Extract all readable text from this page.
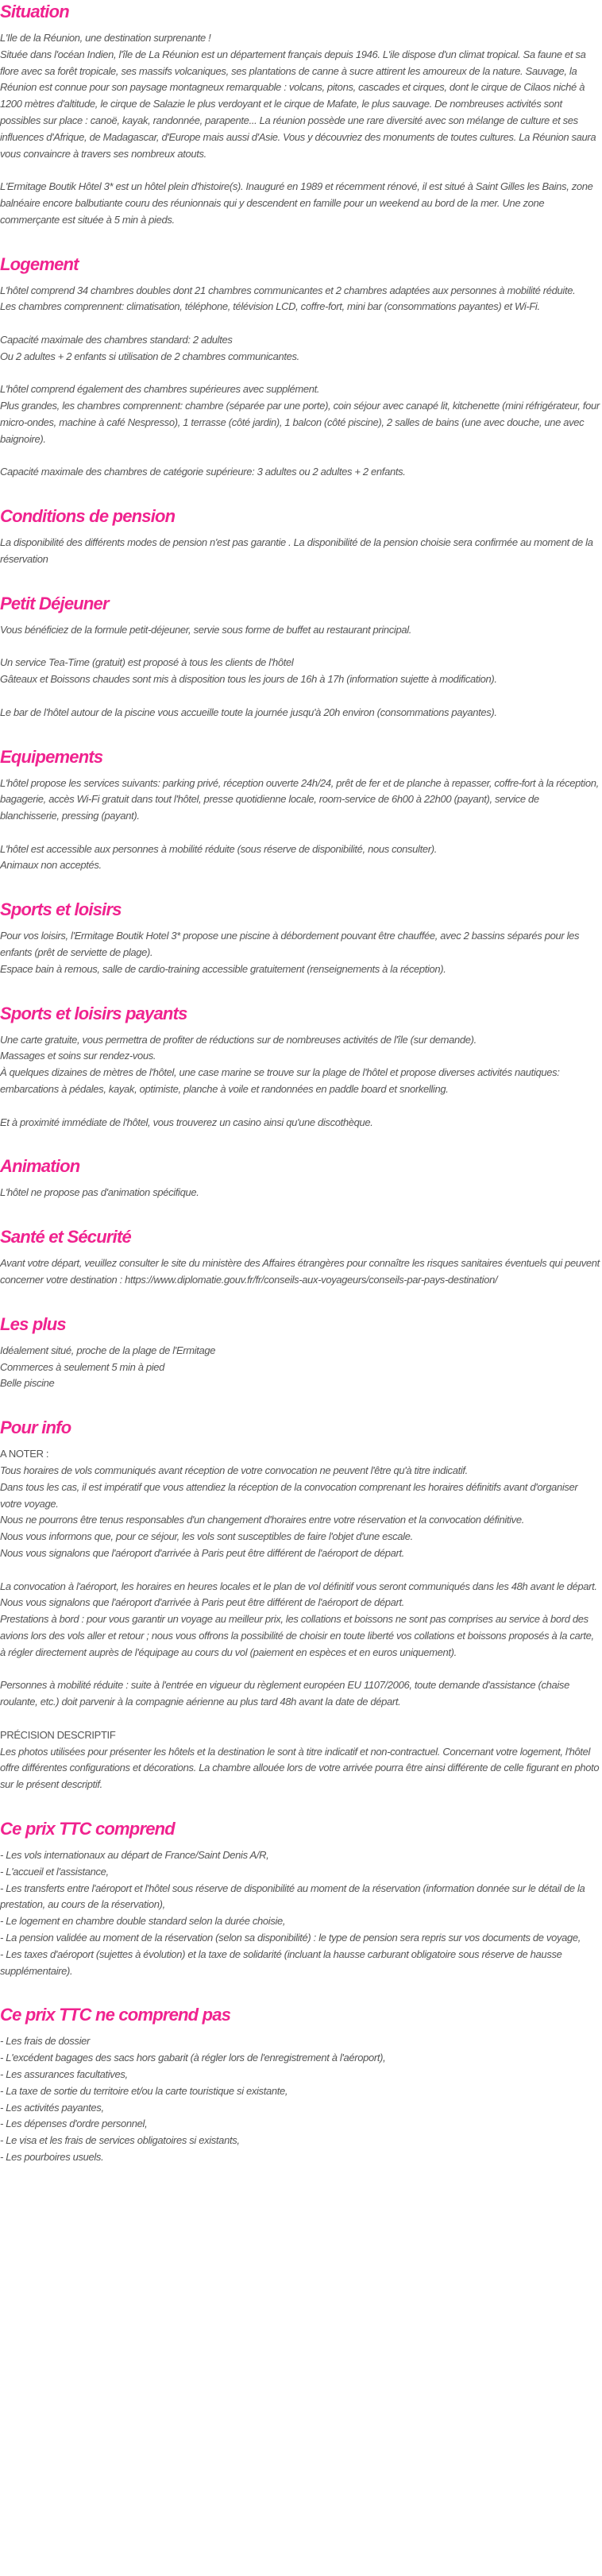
Situation
L'Ile de la Réunion, une destination surprenante !
Située dans l'océan Indien, l'île de La Réunion est un département français depuis 1946. L'ile dispose d'un climat tropical. Sa faune et sa flore avec sa forêt tropicale, ses massifs volcaniques, ses plantations de canne à sucre attirent les amoureux de la nature. Sauvage, la Réunion est connue pour son paysage montagneux remarquable : volcans, pitons, cascades et cirques, dont le cirque de Cilaos niché à 1200 mètres d'altitude, le cirque de Salazie le plus verdoyant et le cirque de Mafate, le plus sauvage. De nombreuses activités sont possibles sur place : canoë, kayak, randonnée, parapente... La réunion possède une rare diversité avec son mélange de culture et ses influences d'Afrique, de Madagascar, d'Europe mais aussi d'Asie. Vous y découvriez des monuments de toutes cultures. La Réunion saura vous convaincre à travers ses nombreux atouts.
L'Ermitage Boutik Hôtel 3* est un hôtel plein d'histoire(s). Inauguré en 1989 et récemment rénové, il est situé à Saint Gilles les Bains, zone balnéaire encore balbutiante couru des réunionnais qui y descendent en famille pour un weekend au bord de la mer. Une zone commerçante est située à 5 min à pieds.
Logement
L'hôtel comprend 34 chambres doubles dont 21 chambres communicantes et 2 chambres adaptées aux personnes à mobilité réduite.
Les chambres comprennent: climatisation, téléphone, télévision LCD, coffre-fort, mini bar (consommations payantes) et Wi-Fi.
Capacité maximale des chambres standard: 2 adultes
Ou 2 adultes + 2 enfants si utilisation de 2 chambres communicantes.
L'hôtel comprend également des chambres supérieures avec supplément.
Plus grandes, les chambres comprennent: chambre (séparée par une porte), coin séjour avec canapé lit, kitchenette (mini réfrigérateur, four micro-ondes, machine à café Nespresso), 1 terrasse (côté jardin), 1 balcon (côté piscine), 2 salles de bains (une avec douche, une avec baignoire).
Capacité maximale des chambres de catégorie supérieure: 3 adultes ou 2 adultes + 2 enfants.
Conditions de pension
La disponibilité des différents modes de pension n'est pas garantie . La disponibilité de la pension choisie sera confirmée au moment de la réservation
Petit Déjeuner
Vous bénéficiez de la formule petit-déjeuner, servie sous forme de buffet au restaurant principal.
Un service Tea-Time (gratuit) est proposé à tous les clients de l'hôtel
Gâteaux et Boissons chaudes sont mis à disposition tous les jours de 16h à 17h (information sujette à modification).
Le bar de l'hôtel autour de la piscine vous accueille toute la journée jusqu'à 20h environ (consommations payantes).
Equipements
L'hôtel propose les services suivants: parking privé, réception ouverte 24h/24, prêt de fer et de planche à repasser, coffre-fort à la réception, bagagerie, accès Wi-Fi gratuit dans tout l'hôtel, presse quotidienne locale, room-service de 6h00 à 22h00 (payant), service de blanchisserie, pressing (payant).
L'hôtel est accessible aux personnes à mobilité réduite (sous réserve de disponibilité, nous consulter).
Animaux non acceptés.
Sports et loisirs
Pour vos loisirs, l'Ermitage Boutik Hotel 3* propose une piscine à débordement pouvant être chauffée, avec 2 bassins séparés pour les enfants (prêt de serviette de plage).
Espace bain à remous, salle de cardio-training accessible gratuitement (renseignements à la réception).
Sports et loisirs payants
Une carte gratuite, vous permettra de profiter de réductions sur de nombreuses activités de l'île (sur demande).
Massages et soins sur rendez-vous.
À quelques dizaines de mètres de l'hôtel, une case marine se trouve sur la plage de l'hôtel et propose diverses activités nautiques: embarcations à pédales, kayak, optimiste, planche à voile et randonnées en paddle board et snorkelling.
Et à proximité immédiate de l'hôtel, vous trouverez un casino ainsi qu'une discothèque.
Animation
L'hôtel ne propose pas d'animation spécifique.
Santé et Sécurité
Avant votre départ, veuillez consulter le site du ministère des Affaires étrangères pour connaître les risques sanitaires éventuels qui peuvent concerner votre destination : https://www.diplomatie.gouv.fr/fr/conseils-aux-voyageurs/conseils-par-pays-destination/
Les plus
Idéalement situé, proche de la plage de l'Ermitage
Commerces à seulement 5 min à pied
Belle piscine
Pour info
A NOTER :
Tous horaires de vols communiqués avant réception de votre convocation ne peuvent l'être qu'à titre indicatif.
Dans tous les cas, il est impératif que vous attendiez la réception de la convocation comprenant les horaires définitifs avant d'organiser votre voyage.
Nous ne pourrons être tenus responsables d'un changement d'horaires entre votre réservation et la convocation définitive.
Nous vous informons que, pour ce séjour, les vols sont susceptibles de faire l'objet d'une escale.
Nous vous signalons que l'aéroport d'arrivée à Paris peut être différent de l'aéroport de départ.
La convocation à l'aéroport, les horaires en heures locales et le plan de vol définitif vous seront communiqués dans les 48h avant le départ.
Nous vous signalons que l'aéroport d'arrivée à Paris peut être différent de l'aéroport de départ.
Prestations à bord : pour vous garantir un voyage au meilleur prix, les collations et boissons ne sont pas comprises au service à bord des avions lors des vols aller et retour ; nous vous offrons la possibilité de choisir en toute liberté vos collations et boissons proposés à la carte, à régler directement auprès de l'équipage au cours du vol (paiement en espèces et en euros uniquement).
Personnes à mobilité réduite : suite à l'entrée en vigueur du règlement européen EU 1107/2006, toute demande d'assistance (chaise roulante, etc.) doit parvenir à la compagnie aérienne au plus tard 48h avant la date de départ.
PRÉCISION DESCRIPTIF
Les photos utilisées pour présenter les hôtels et la destination le sont à titre indicatif et non-contractuel. Concernant votre logement, l'hôtel offre différentes configurations et décorations. La chambre allouée lors de votre arrivée pourra être ainsi différente de celle figurant en photo sur le présent descriptif.
Ce prix TTC comprend
- Les vols internationaux au départ de France/Saint Denis A/R,
- L'accueil et l'assistance,
- Les transferts entre l'aéroport et l'hôtel sous réserve de disponibilité au moment de la réservation (information donnée sur le détail de la prestation, au cours de la réservation),
- Le logement en chambre double standard selon la durée choisie,
- La pension validée au moment de la réservation (selon sa disponibilité) : le type de pension sera repris sur vos documents de voyage,
- Les taxes d'aéroport (sujettes à évolution) et la taxe de solidarité (incluant la hausse carburant obligatoire sous réserve de hausse supplémentaire).
Ce prix TTC ne comprend pas
- Les frais de dossier
- L'excédent bagages des sacs hors gabarit (à régler lors de l'enregistrement à l'aéroport),
- Les assurances facultatives,
- La taxe de sortie du territoire et/ou la carte touristique si existante,
- Les activités payantes,
- Les dépenses d'ordre personnel,
- Le visa et les frais de services obligatoires si existants,
- Les pourboires usuels.
